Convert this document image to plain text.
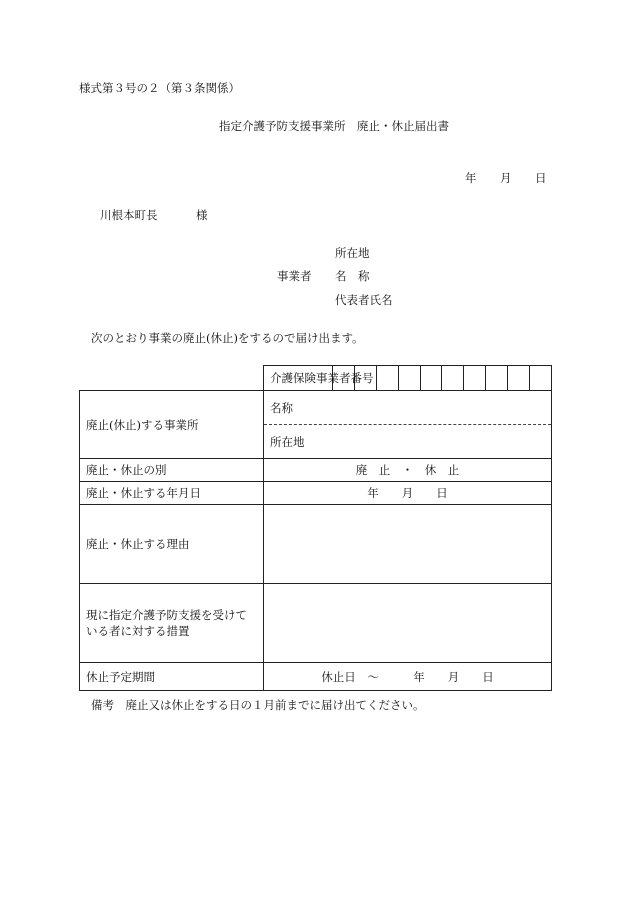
様式第３号の２（第３条関係）
指定介護予防支援事業所　廃止・休止届出書
年 月 日
川根本町長	様
所在地
事業者 名　称
代表者氏名
次のとおり事業の廃止(休止)をするので届け出ます。
	介護保険事業者番号										
廃止(休止)する事業所	名称
所在地										

廃止・休止の別	廃　止　・　休　止										
廃止・休止する年月日	年　　月　　日										
廃止・休止する理由											
現に指定介護予防支援を受けている者に対する措置											
休止予定期間	休止日　～　　　年　　月　　日										
備考　廃止又は休止をする日の１月前までに届け出てください。
